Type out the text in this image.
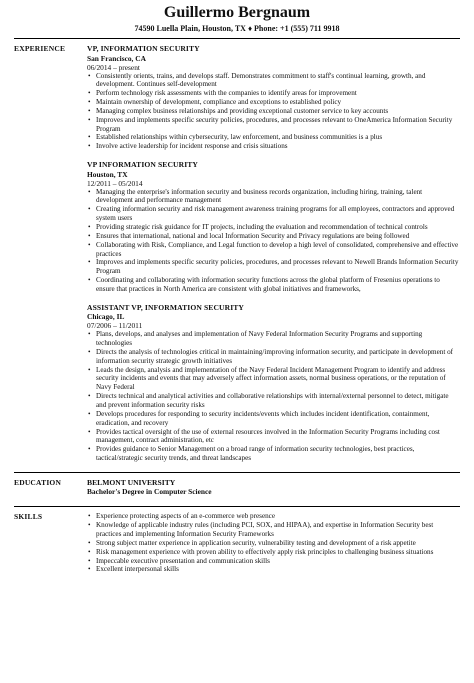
Guillermo Bergnaum
74590 Luella Plain, Houston, TX ♦ Phone: +1 (555) 711 9918
EXPERIENCE	VP, INFORMATION SECURITY
San Francisco, CA
06/2014 – present
• Consistently orients, trains, and develops staff. Demonstrates commitment to staff's continual learning, growth, and development. Continues self-development
• Perform technology risk assessments with the companies to identify areas for improvement
• Maintain ownership of development, compliance and exceptions to established policy
• Managing complex business relationships and providing exceptional customer service to key accounts
• Improves and implements specific security policies, procedures, and processes relevant to OneAmerica Information Security Program
• Established relationships within cybersecurity, law enforcement, and business communities is a plus
• Involve active leadership for incident response and crisis situations
VP INFORMATION SECURITY
Houston, TX
12/2011 – 05/2014
• Managing the enterprise's information security and business records organization, including hiring, training, talent development and performance management
• Creating information security and risk management awareness training programs for all employees, contractors and approved system users
• Providing strategic risk guidance for IT projects, including the evaluation and recommendation of technical controls
• Ensures that international, national and local Information Security and Privacy regulations are being followed
• Collaborating with Risk, Compliance, and Legal function to develop a high level of consolidated, comprehensive and effective practices
• Improves and implements specific security policies, procedures, and processes relevant to Newell Brands Information Security Program
• Coordinating and collaborating with information security functions across the global platform of Fresenius operations to ensure that practices in North America are consistent with global initiatives and frameworks,
ASSISTANT VP, INFORMATION SECURITY
Chicago, IL
07/2006 – 11/2011
• Plans, develops, and analyses and implementation of Navy Federal Information Security Programs and supporting technologies
• Directs the analysis of technologies critical in maintaining/improving information security, and participate in development of information security strategic growth initiatives
• Leads the design, analysis and implementation of the Navy Federal Incident Management Program to identify and address security incidents and events that may adversely affect information assets, normal business operations, or the reputation of Navy Federal
• Directs technical and analytical activities and collaborative relationships with internal/external personnel to detect, mitigate and prevent information security risks
• Develops procedures for responding to security incidents/events which includes incident identification, containment, eradication, and recovery
• Provides tactical oversight of the use of external resources involved in the Information Security Programs including cost management, contract administration, etc
• Provides guidance to Senior Management on a broad range of information security technologies, best practices, tactical/strategic security trends, and threat landscapes
EDUCATION	BELMONT UNIVERSITY
Bachelor's Degree in Computer Science
SKILLS
•	Experience protecting aspects of an e-commerce web presence
• Knowledge of applicable industry rules (including PCI, SOX, and HIPAA), and expertise in Information Security best practices and implementing Information Security Frameworks
• Strong subject matter experience in application security, vulnerability testing and development of a risk appetite
• Risk management experience with proven ability to effectively apply risk principles to challenging business situations
• Impeccable executive presentation and communication skills
• Excellent interpersonal skills
